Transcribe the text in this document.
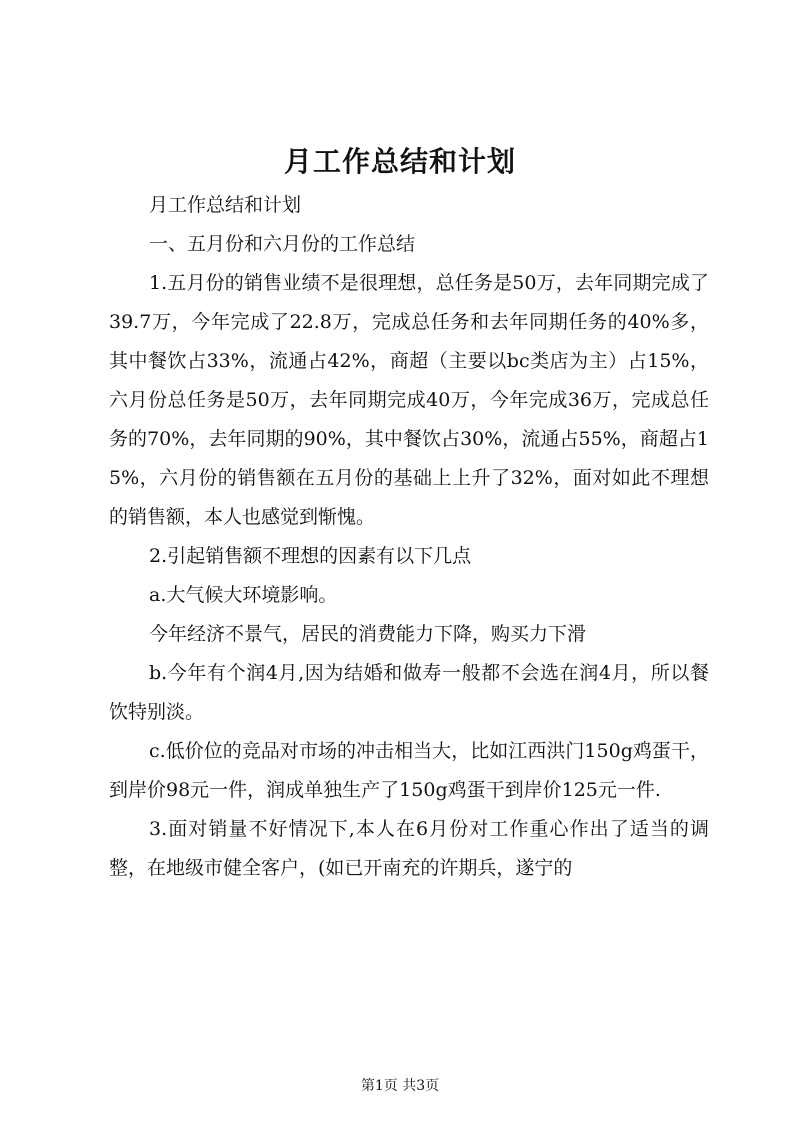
月工作总结和计划

月工作总结和计划

一、五月份和六月份的工作总结

1.五月份的销售业绩不是很理想，总任务是50万，去年同期完成了39.7万，今年完成了22.8万，完成总任务和去年同期任务的40%多，其中餐饮占33%，流通占42%，商超（主要以bc类店为主）占15%，六月份总任务是50万，去年同期完成40万，今年完成36万，完成总任务的70%，去年同期的90%，其中餐饮占30%，流通占55%，商超占15%，六月份的销售额在五月份的基础上上升了32%，面对如此不理想的销售额，本人也感觉到惭愧。

2.引起销售额不理想的因素有以下几点

a.大气候大环境影响。

今年经济不景气，居民的消费能力下降，购买力下滑

b.今年有个润4月,因为结婚和做寿一般都不会选在润4月，所以餐饮特别淡。

c.低价位的竞品对市场的冲击相当大，比如江西洪门150g鸡蛋干，到岸价98元一件，润成单独生产了150g鸡蛋干到岸价125元一件.

3.面对销量不好情况下,本人在6月份对工作重心作出了适当的调整，在地级市健全客户，(如已开南充的许期兵，遂宁的

第1页 共3页
